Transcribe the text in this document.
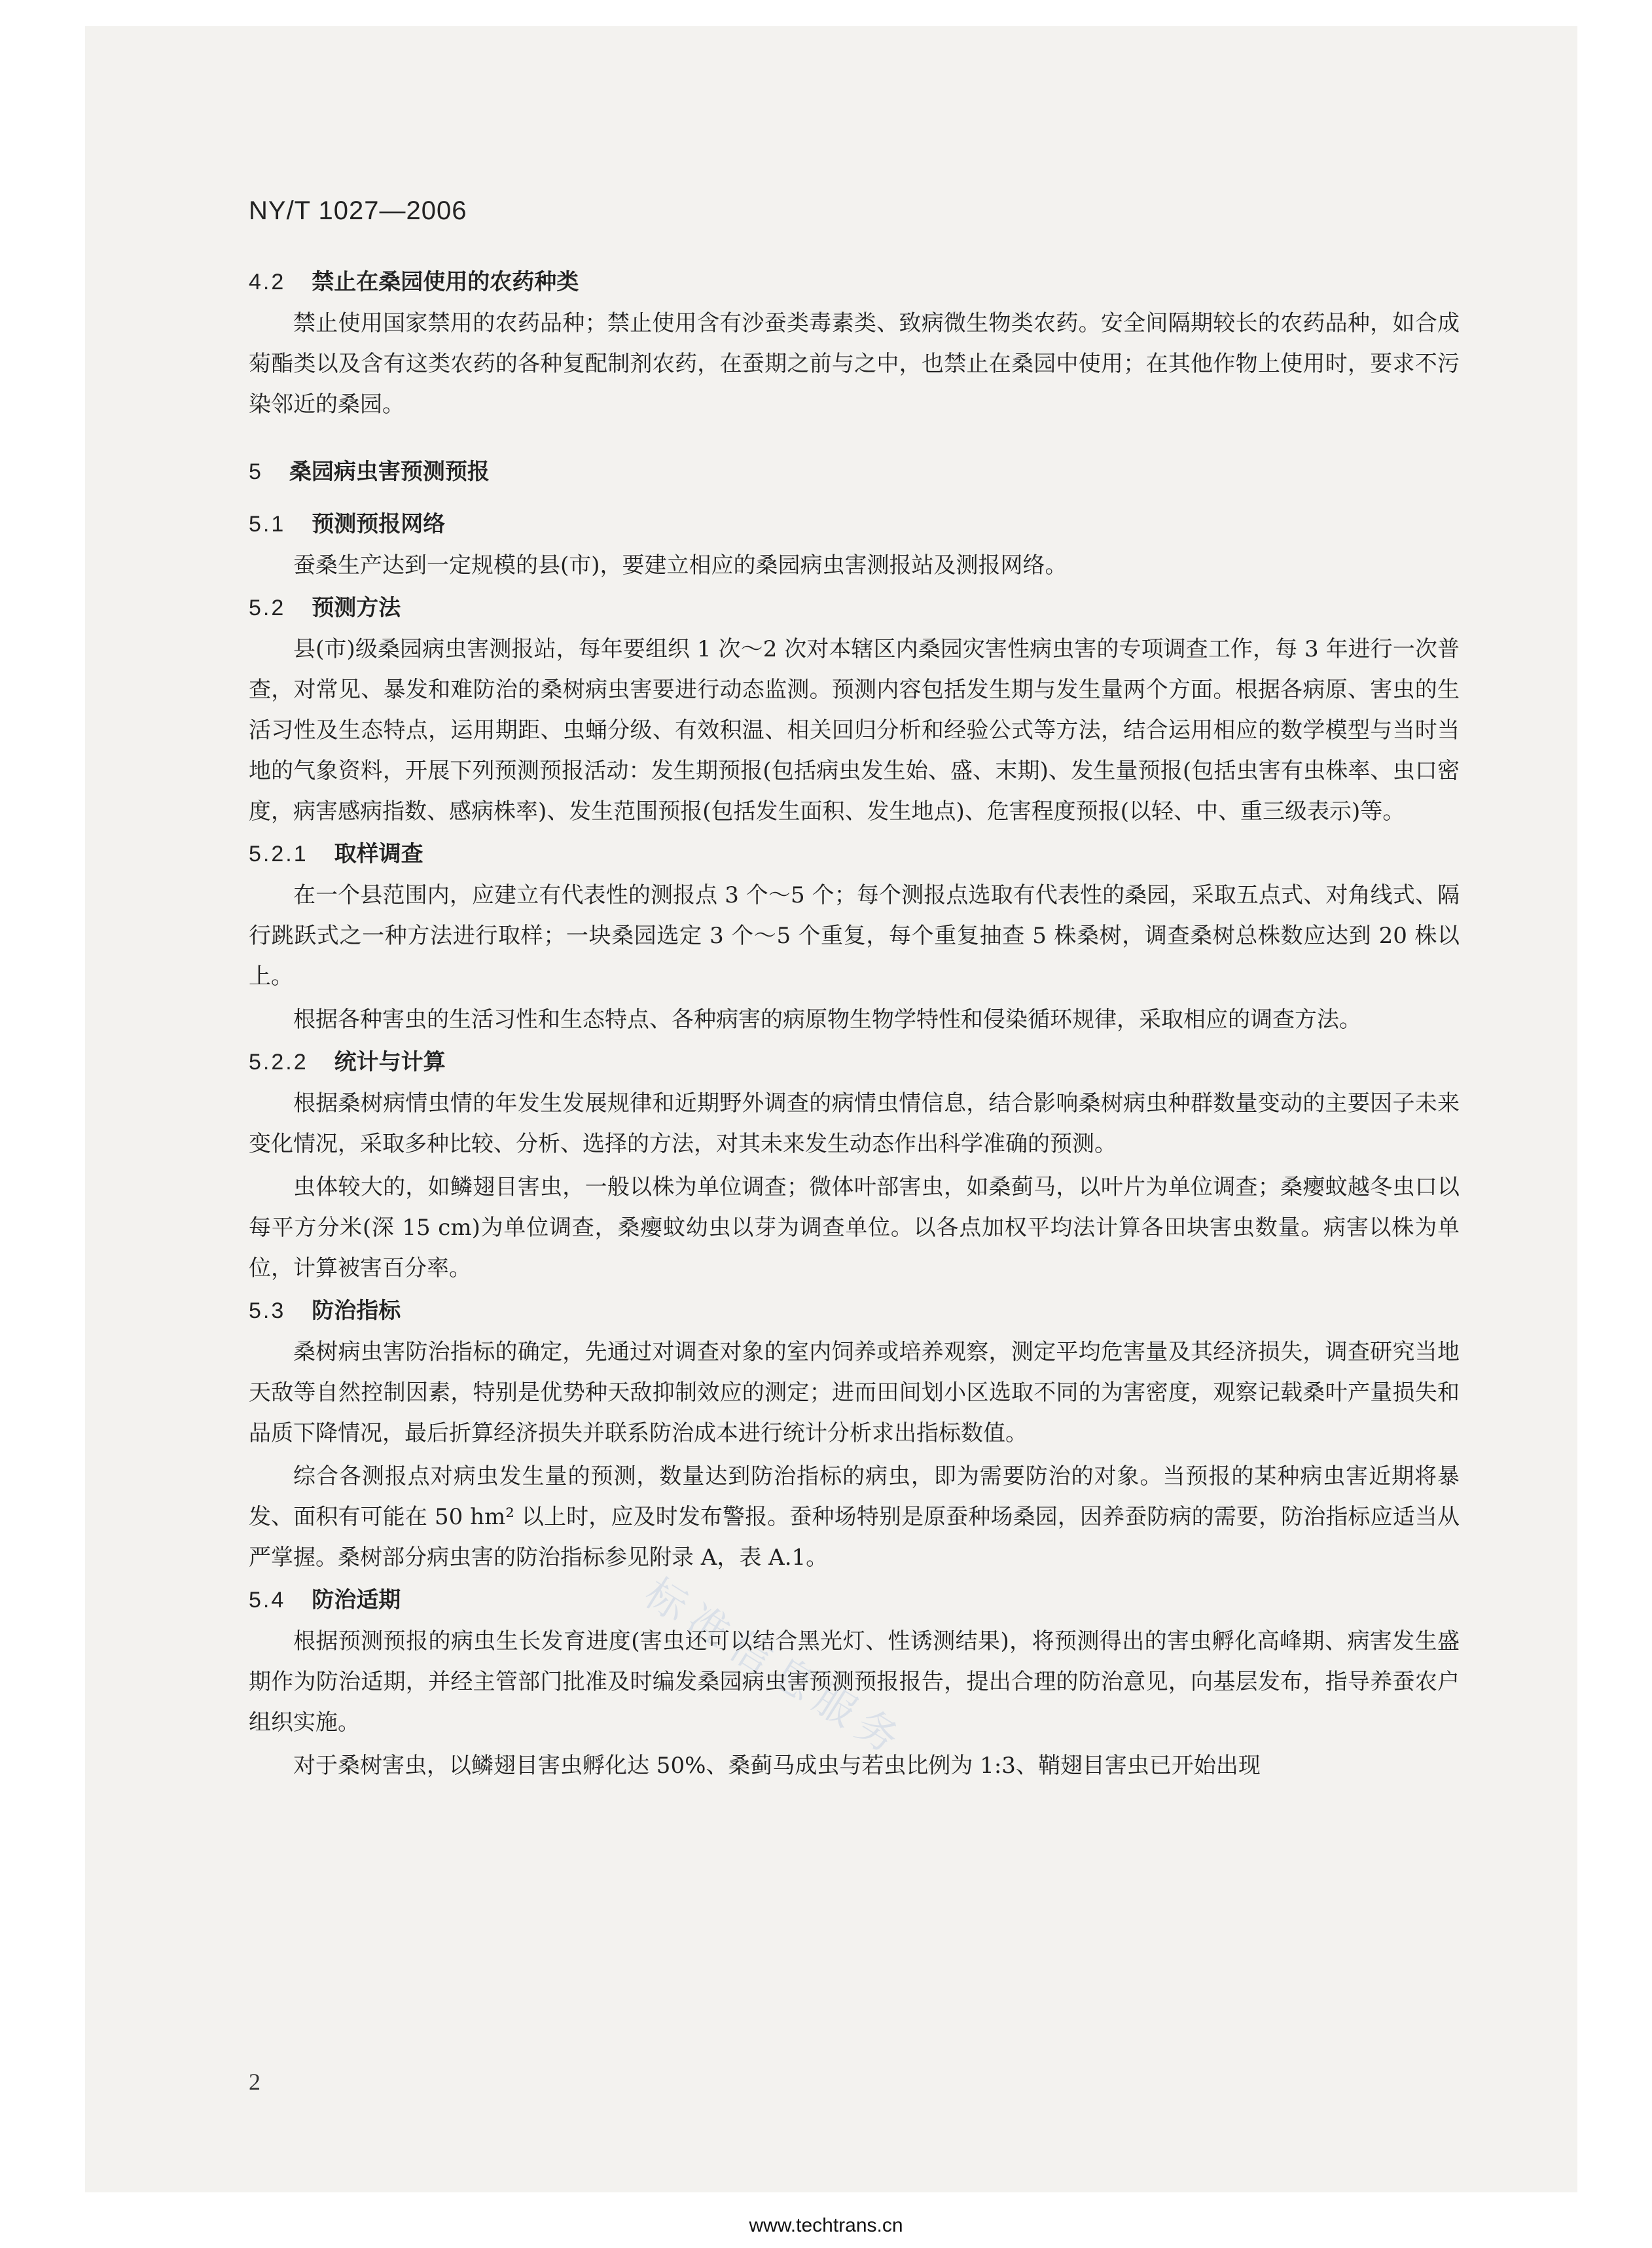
标准信息服务
NY/T 1027—2006
4.2 禁止在桑园使用的农药种类

禁止使用国家禁用的农药品种；禁止使用含有沙蚕类毒素类、致病微生物类农药。安全间隔期较长的农药品种，如合成菊酯类以及含有这类农药的各种复配制剂农药，在蚕期之前与之中，也禁止在桑园中使用；在其他作物上使用时，要求不污染邻近的桑园。

5 桑园病虫害预测预报
5.1 预测预报网络

蚕桑生产达到一定规模的县(市)，要建立相应的桑园病虫害测报站及测报网络。

5.2 预测方法

县(市)级桑园病虫害测报站，每年要组织 1 次～2 次对本辖区内桑园灾害性病虫害的专项调查工作，每 3 年进行一次普查，对常见、暴发和难防治的桑树病虫害要进行动态监测。预测内容包括发生期与发生量两个方面。根据各病原、害虫的生活习性及生态特点，运用期距、虫蛹分级、有效积温、相关回归分析和经验公式等方法，结合运用相应的数学模型与当时当地的气象资料，开展下列预测预报活动：发生期预报(包括病虫发生始、盛、末期)、发生量预报(包括虫害有虫株率、虫口密度，病害感病指数、感病株率)、发生范围预报(包括发生面积、发生地点)、危害程度预报(以轻、中、重三级表示)等。

5.2.1 取样调查

在一个县范围内，应建立有代表性的测报点 3 个～5 个；每个测报点选取有代表性的桑园，采取五点式、对角线式、隔行跳跃式之一种方法进行取样；一块桑园选定 3 个～5 个重复，每个重复抽查 5 株桑树，调查桑树总株数应达到 20 株以上。

根据各种害虫的生活习性和生态特点、各种病害的病原物生物学特性和侵染循环规律，采取相应的调查方法。

5.2.2 统计与计算

根据桑树病情虫情的年发生发展规律和近期野外调查的病情虫情信息，结合影响桑树病虫种群数量变动的主要因子未来变化情况，采取多种比较、分析、选择的方法，对其未来发生动态作出科学准确的预测。

虫体较大的，如鳞翅目害虫，一般以株为单位调查；微体叶部害虫，如桑蓟马，以叶片为单位调查；桑瘿蚊越冬虫口以每平方分米(深 15 cm)为单位调查，桑瘿蚊幼虫以芽为调查单位。以各点加权平均法计算各田块害虫数量。病害以株为单位，计算被害百分率。

5.3 防治指标

桑树病虫害防治指标的确定，先通过对调查对象的室内饲养或培养观察，测定平均危害量及其经济损失，调查研究当地天敌等自然控制因素，特别是优势种天敌抑制效应的测定；进而田间划小区选取不同的为害密度，观察记载桑叶产量损失和品质下降情况，最后折算经济损失并联系防治成本进行统计分析求出指标数值。

综合各测报点对病虫发生量的预测，数量达到防治指标的病虫，即为需要防治的对象。当预报的某种病虫害近期将暴发、面积有可能在 50 hm² 以上时，应及时发布警报。蚕种场特别是原蚕种场桑园，因养蚕防病的需要，防治指标应适当从严掌握。桑树部分病虫害的防治指标参见附录 A，表 A.1。

5.4 防治适期

根据预测预报的病虫生长发育进度(害虫还可以结合黑光灯、性诱测结果)，将预测得出的害虫孵化高峰期、病害发生盛期作为防治适期，并经主管部门批准及时编发桑园病虫害预测预报报告，提出合理的防治意见，向基层发布，指导养蚕农户组织实施。

对于桑树害虫，以鳞翅目害虫孵化达 50%、桑蓟马成虫与若虫比例为 1:3、鞘翅目害虫已开始出现

2
www.techtrans.cn
